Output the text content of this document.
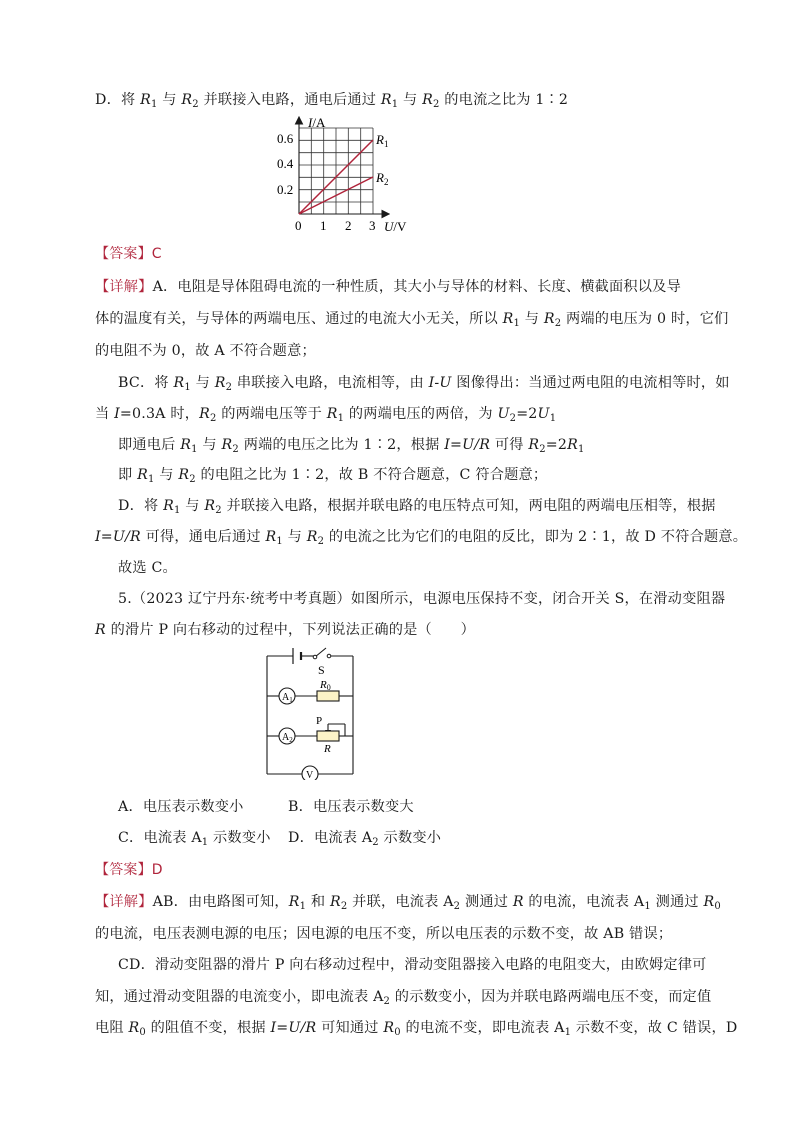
D．将 $R_1$ 与 $R_2$ 并联接入电路，通电后通过 $R_1$ 与 $R_2$ 的电流之比为 1∶2
I/A
0.6
0.4
0.2
0 1 2 3 U/V
$R_1$
$R_2$
【答案】C
【详解】A．电阻是导体阻碍电流的一种性质，其大小与导体的材料、长度、横截面积以及导
体的温度有关，与导体的两端电压、通过的电流大小无关，所以 $R_1$ 与 $R_2$ 两端的电压为 0 时，它们
的电阻不为 0，故 A 不符合题意；
BC．将 $R_1$ 与 $R_2$ 串联接入电路，电流相等，由 I-U 图像得出：当通过两电阻的电流相等时，如
当 I=0.3A 时，$R_2$ 的两端电压等于 $R_1$ 的两端电压的两倍，为 $U_2=2U_1$
即通电后 $R_1$ 与 $R_2$ 两端的电压之比为 1∶2，根据 I=U/R 可得 $R_2=2R_1$
即 $R_1$ 与 $R_2$ 的电阻之比为 1∶2，故 B 不符合题意，C 符合题意；
D．将 $R_1$ 与 $R_2$ 并联接入电路，根据并联电路的电压特点可知，两电阻的两端电压相等，根据
I=U/R 可得，通电后通过 $R_1$ 与 $R_2$ 的电流之比为它们的电阻的反比，即为 2∶1，故 D 不符合题意。
故选 C。
5.（2023 辽宁丹东·统考中考真题）如图所示，电源电压保持不变，闭合开关 S，在滑动变阻器
R 的滑片 P 向右移动的过程中，下列说法正确的是（　　）
S
$A_1$
R0
$A_2$
P
R
V
A．电压表示数变小	B．电压表示数变大
C．电流表 $A_1$ 示数变小 D．电流表 $A_2$ 示数变小
【答案】D
【详解】AB．由电路图可知，$R_1$ 和 $R_2$ 并联，电流表 $A_2$ 测通过 R 的电流，电流表 $A_1$ 测通过 $R_0$
的电流，电压表测电源的电压；因电源的电压不变，所以电压表的示数不变，故 AB 错误；
CD．滑动变阻器的滑片 P 向右移动过程中，滑动变阻器接入电路的电阻变大，由欧姆定律可
知，通过滑动变阻器的电流变小，即电流表 $A_2$ 的示数变小，因为并联电路两端电压不变，而定值
电阻 $R_0$ 的阻值不变，根据 I=U/R 可知通过 $R_0$ 的电流不变，即电流表 $A_1$ 示数不变，故 C 错误，D
